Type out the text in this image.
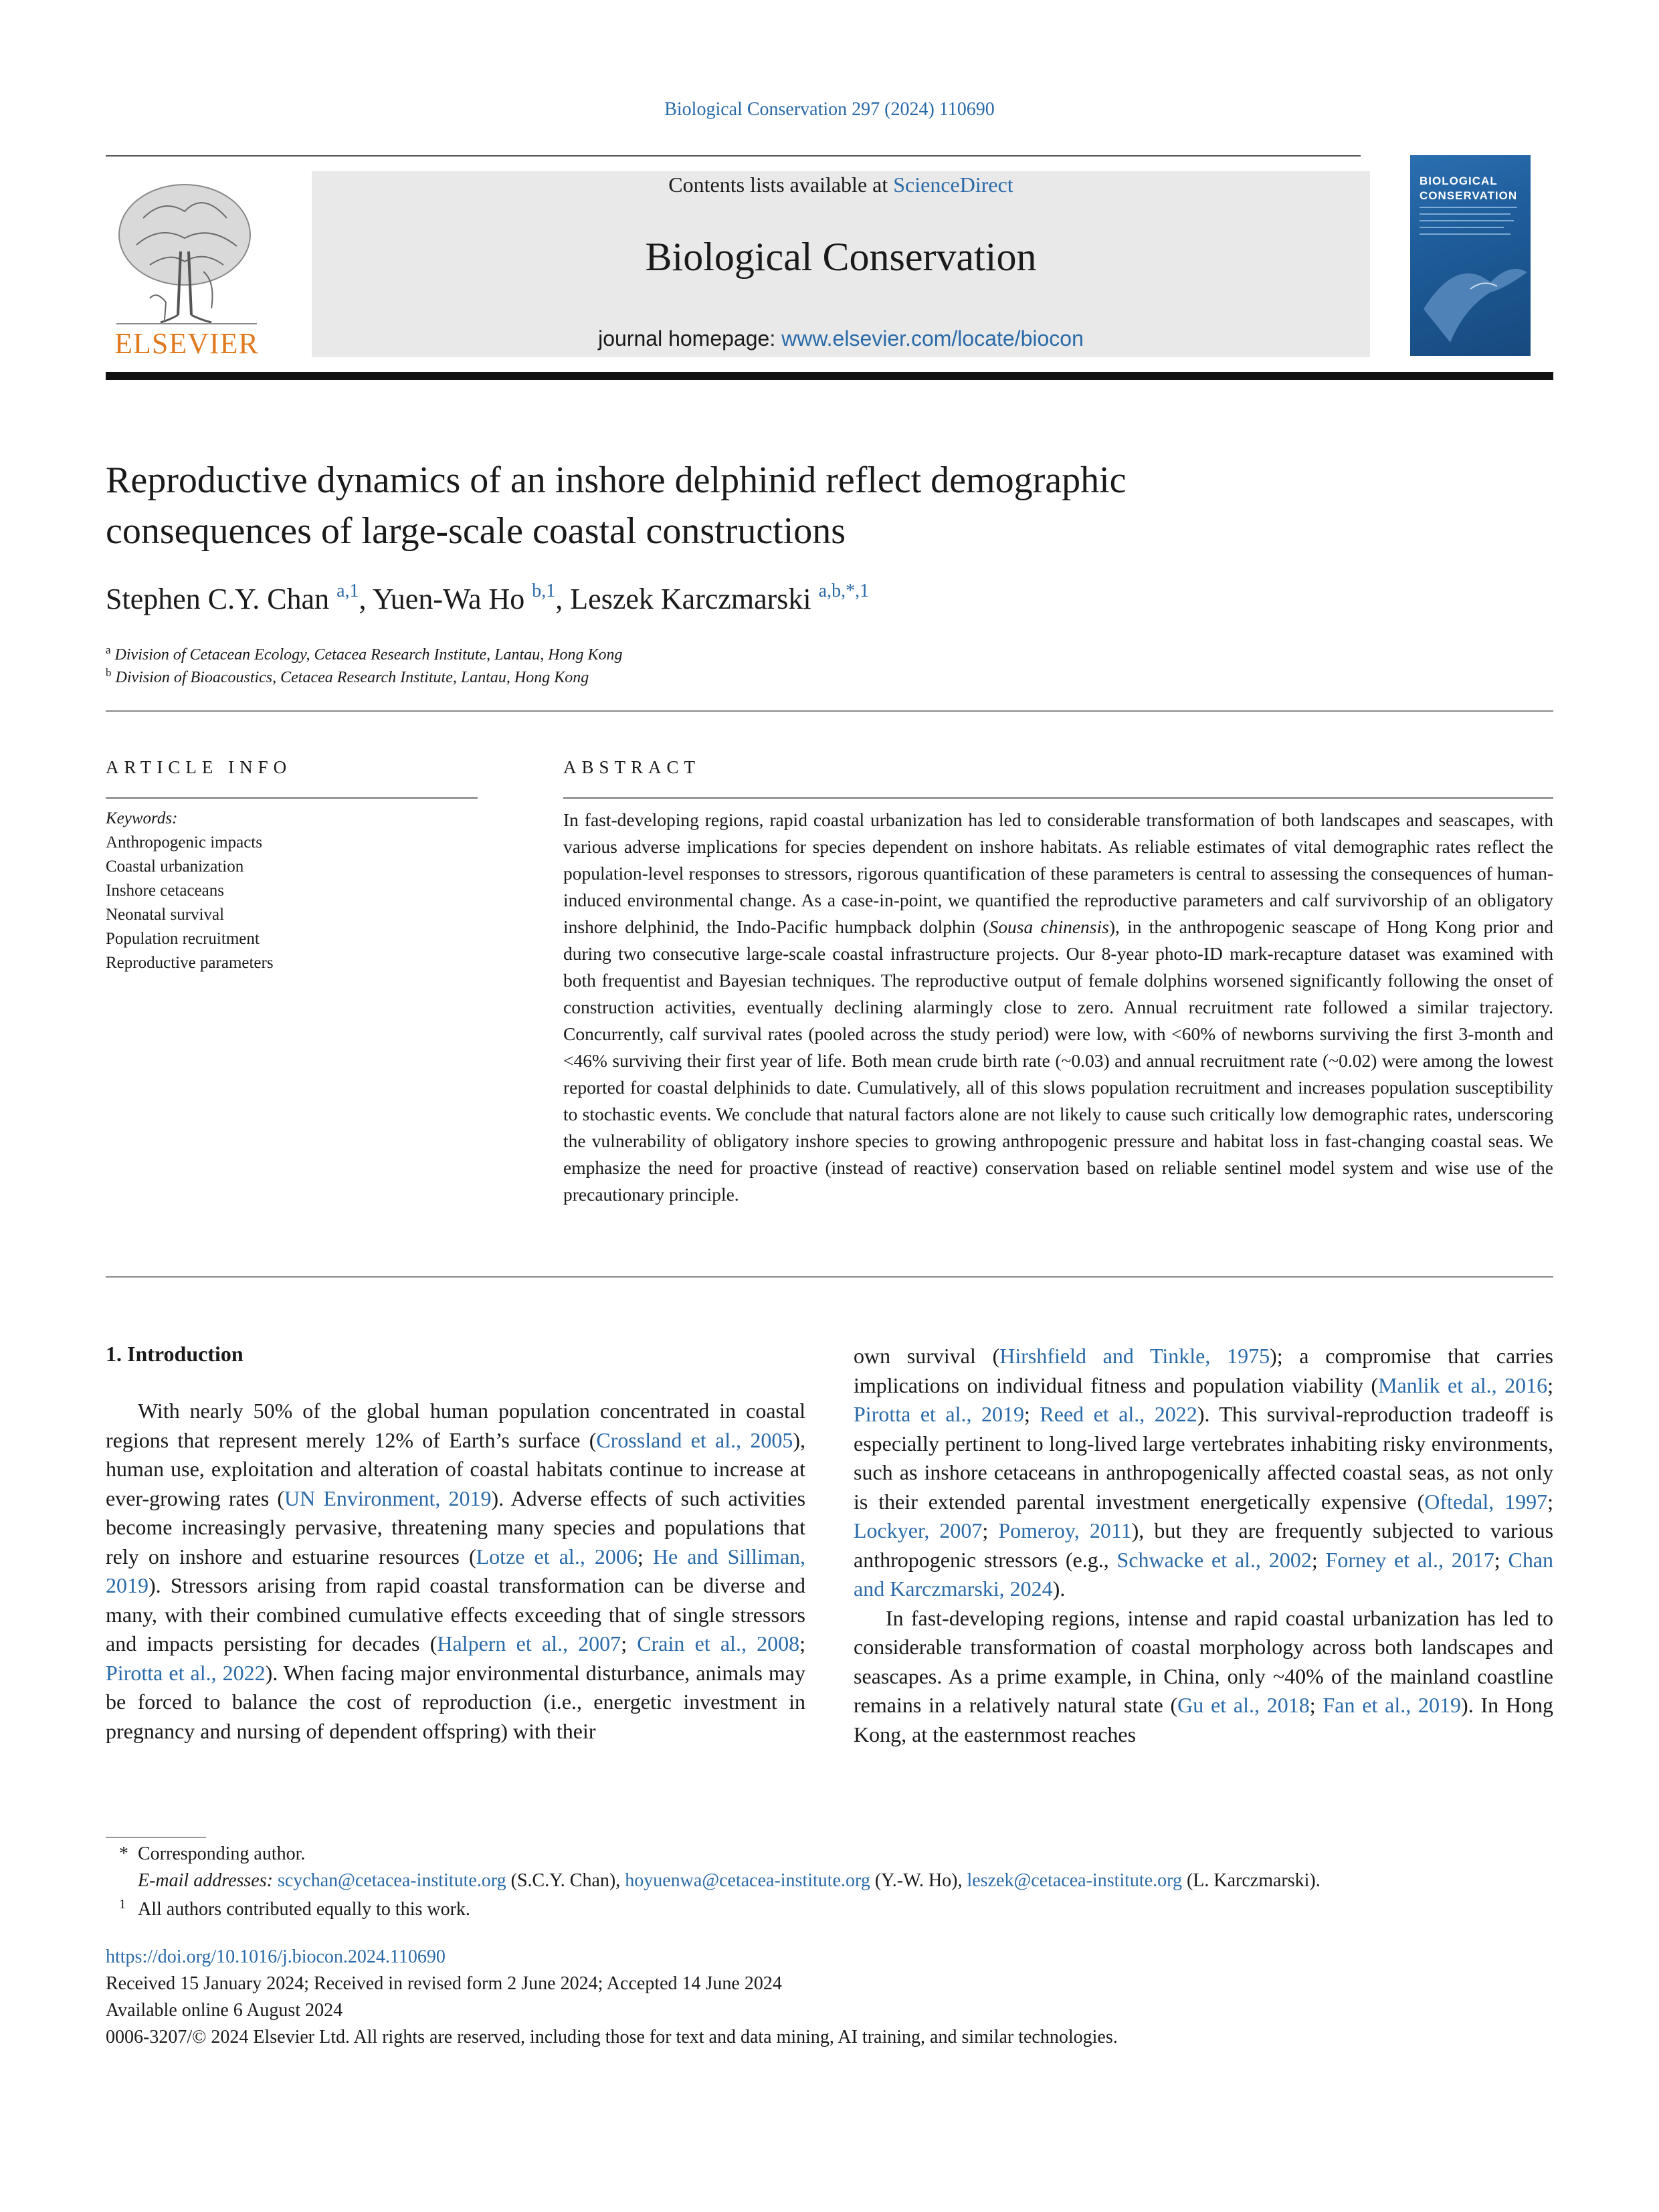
Biological Conservation 297 (2024) 110690
ELSEVIER
Contents lists available at ScienceDirect
Biological Conservation
journal homepage: www.elsevier.com/locate/biocon
BIOLOGICAL
CONSERVATION
Reproductive dynamics of an inshore delphinid reflect demographic
consequences of large-scale coastal constructions
Stephen C.Y. Chan $^{a,1}$, Yuen-Wa Ho $^{b,1}$, Leszek Karczmarski $^{a,b,*,1}$
$^a$ Division of Cetacean Ecology, Cetacea Research Institute, Lantau, Hong Kong
$^b$ Division of Bioacoustics, Cetacea Research Institute, Lantau, Hong Kong
ARTICLE INFO
Keywords:
Anthropogenic impacts
Coastal urbanization
Inshore cetaceans
Neonatal survival
Population recruitment
Reproductive parameters
ABSTRACT
In fast-developing regions, rapid coastal urbanization has led to considerable transformation of both landscapes and seascapes, with various adverse implications for species dependent on inshore habitats. As reliable estimates of vital demographic rates reflect the population-level responses to stressors, rigorous quantification of these parameters is central to assessing the consequences of human-induced environmental change. As a case-in-point, we quantified the reproductive parameters and calf survivorship of an obligatory inshore delphinid, the Indo-Pacific humpback dolphin (Sousa chinensis), in the anthropogenic seascape of Hong Kong prior and during two consecutive large-scale coastal infrastructure projects. Our 8-year photo-ID mark-recapture dataset was examined with both frequentist and Bayesian techniques. The reproductive output of female dolphins worsened significantly following the onset of construction activities, eventually declining alarmingly close to zero. Annual recruitment rate followed a similar trajectory. Concurrently, calf survival rates (pooled across the study period) were low, with <60% of newborns surviving the first 3-month and <46% surviving their first year of life. Both mean crude birth rate (~0.03) and annual recruitment rate (~0.02) were among the lowest reported for coastal delphinids to date. Cumulatively, all of this slows population recruitment and increases population susceptibility to stochastic events. We conclude that natural factors alone are not likely to cause such critically low demographic rates, underscoring the vulnerability of obligatory inshore species to growing anthropogenic pressure and habitat loss in fast-changing coastal seas. We emphasize the need for proactive (instead of reactive) conservation based on reliable sentinel model system and wise use of the precautionary principle.
1. Introduction

With nearly 50% of the global human population concentrated in coastal regions that represent merely 12% of Earth’s surface (Crossland et al., 2005), human use, exploitation and alteration of coastal habitats continue to increase at ever-growing rates (UN Environment, 2019). Adverse effects of such activities become increasingly pervasive, threatening many species and populations that rely on inshore and estuarine resources (Lotze et al., 2006; He and Silliman, 2019). Stressors arising from rapid coastal transformation can be diverse and many, with their combined cumulative effects exceeding that of single stressors and impacts persisting for decades (Halpern et al., 2007; Crain et al., 2008; Pirotta et al., 2022). When facing major environmental disturbance, animals may be forced to balance the cost of reproduction (i.e., energetic investment in pregnancy and nursing of dependent offspring) with their

own survival (Hirshfield and Tinkle, 1975); a compromise that carries implications on individual fitness and population viability (Manlik et al., 2016; Pirotta et al., 2019; Reed et al., 2022). This survival-reproduction tradeoff is especially pertinent to long-lived large vertebrates inhabiting risky environments, such as inshore cetaceans in anthropogenically affected coastal seas, as not only is their extended parental investment energetically expensive (Oftedal, 1997; Lockyer, 2007; Pomeroy, 2011), but they are frequently subjected to various anthropogenic stressors (e.g., Schwacke et al., 2002; Forney et al., 2017; Chan and Karczmarski, 2024).

In fast-developing regions, intense and rapid coastal urbanization has led to considerable transformation of coastal morphology across both landscapes and seascapes. As a prime example, in China, only ~40% of the mainland coastline remains in a relatively natural state (Gu et al., 2018; Fan et al., 2019). In Hong Kong, at the easternmost reaches

* Corresponding author.
E-mail addresses: scychan@cetacea-institute.org (S.C.Y. Chan), hoyuenwa@cetacea-institute.org (Y.-W. Ho), leszek@cetacea-institute.org (L. Karczmarski).
1 All authors contributed equally to this work.
https://doi.org/10.1016/j.biocon.2024.110690
Received 15 January 2024; Received in revised form 2 June 2024; Accepted 14 June 2024
Available online 6 August 2024
0006-3207/© 2024 Elsevier Ltd. All rights are reserved, including those for text and data mining, AI training, and similar technologies.
